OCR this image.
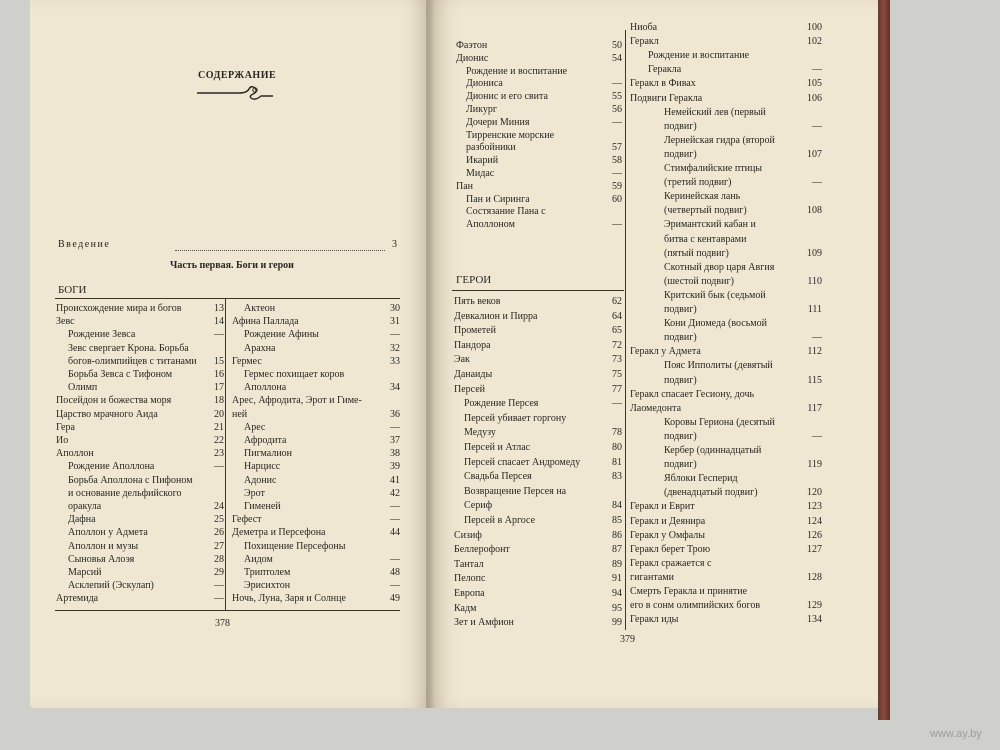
СОДЕРЖАНИЕ
Введение	3
Часть первая. Боги и герои
БОГИ
378
Происхождение мира и богов	13
Зевс	14
Рождение Зевса	—
Зевс свергает Крона. Борьба
богов-олимпийцев с титанами	15
Борьба Зевса с Тифоном	16
Олимп	17
Посейдон и божества моря	18
Царство мрачного Аида	20
Гера	21
Ио	22
Аполлон	23
Рождение Аполлона	—
Борьба Аполлона с Пифоном
и основание дельфийского
оракула	24
Дафна	25
Аполлон у Адмета	26
Аполлон и музы	27
Сыновья Алоэя	28
Марсий	29
Асклепий (Эскулап)	—
Артемида	—
Актеон	30
Афина Паллада	31
Рождение Афины	—
Арахна	32
Гермес	33
Гермес похищает коров
Аполлона	34
Арес, Афродита, Эрот и Гиме-
ней	36
Арес	—
Афродита	37
Пигмалион	38
Нарцисс	39
Адонис	41
Эрот	42
Гименей	—
Гефест	—
Деметра и Персефона	44
Похищение Персефоны
Аидом	—
Триптолем	48
Эрисихтон	—
Ночь, Луна, Заря и Солнце	49
ГЕРОИ
379
Фаэтон	50
Дионис	54
Рождение и воспитание
Диониса	—
Дионис и его свита	55
Ликург	56
Дочери Миния	—
Тирренские морские
разбойники	57
Икарий	58
Мидас	—
Пан	59
Пан и Сиринга	60
Состязание Пана с
Аполлоном	—
Пять веков	62
Девкалион и Пирра	64
Прометей	65
Пандора	72
Эак	73
Данаиды	75
Персей	77
Рождение Персея	—
Персей убивает горгону
Медузу	78
Персей и Атлас	80
Персей спасает Андромеду	81
Свадьба Персея	83
Возвращение Персея на
Сериф	84
Персей в Аргосе	85
Сизиф	86
Беллерофонт	87
Тантал	89
Пелопс	91
Европа	94
Кадм	95
Зет и Амфион	99
Ниоба	100
Геракл	102
Рождение и воспитание
Геракла	—
Геракл в Фивах	105
Подвиги Геракла	106
Немейский лев (первый
подвиг)	—
Лернейская гидра (второй
подвиг)	107
Стимфалийские птицы
(третий подвиг)	—
Керинейская лань
(четвертый подвиг)	108
Эримантский кабан и
битва с кентаврами
(пятый подвиг)	109
Скотный двор царя Авгия
(шестой подвиг)	110
Критский бык (седьмой
подвиг)	111
Кони Диомеда (восьмой
подвиг)	—
Геракл у Адмета	112
Пояс Ипполиты (девятый
подвиг)	115
Геракл спасает Гесиону, дочь
Лаомедонта	117
Коровы Гериона (десятый
подвиг)	—
Кербер (одиннадцатый
подвиг)	119
Яблоки Гесперид
(двенадцатый подвиг)	120
Геракл и Еврит	123
Геракл и Деянира	124
Геракл у Омфалы	126
Геракл берет Трою	127
Геракл сражается с
гигантами	128
Смерть Геракла и принятие
его в сонм олимпийских богов	129
Геракл иды	134
www.ay.by
